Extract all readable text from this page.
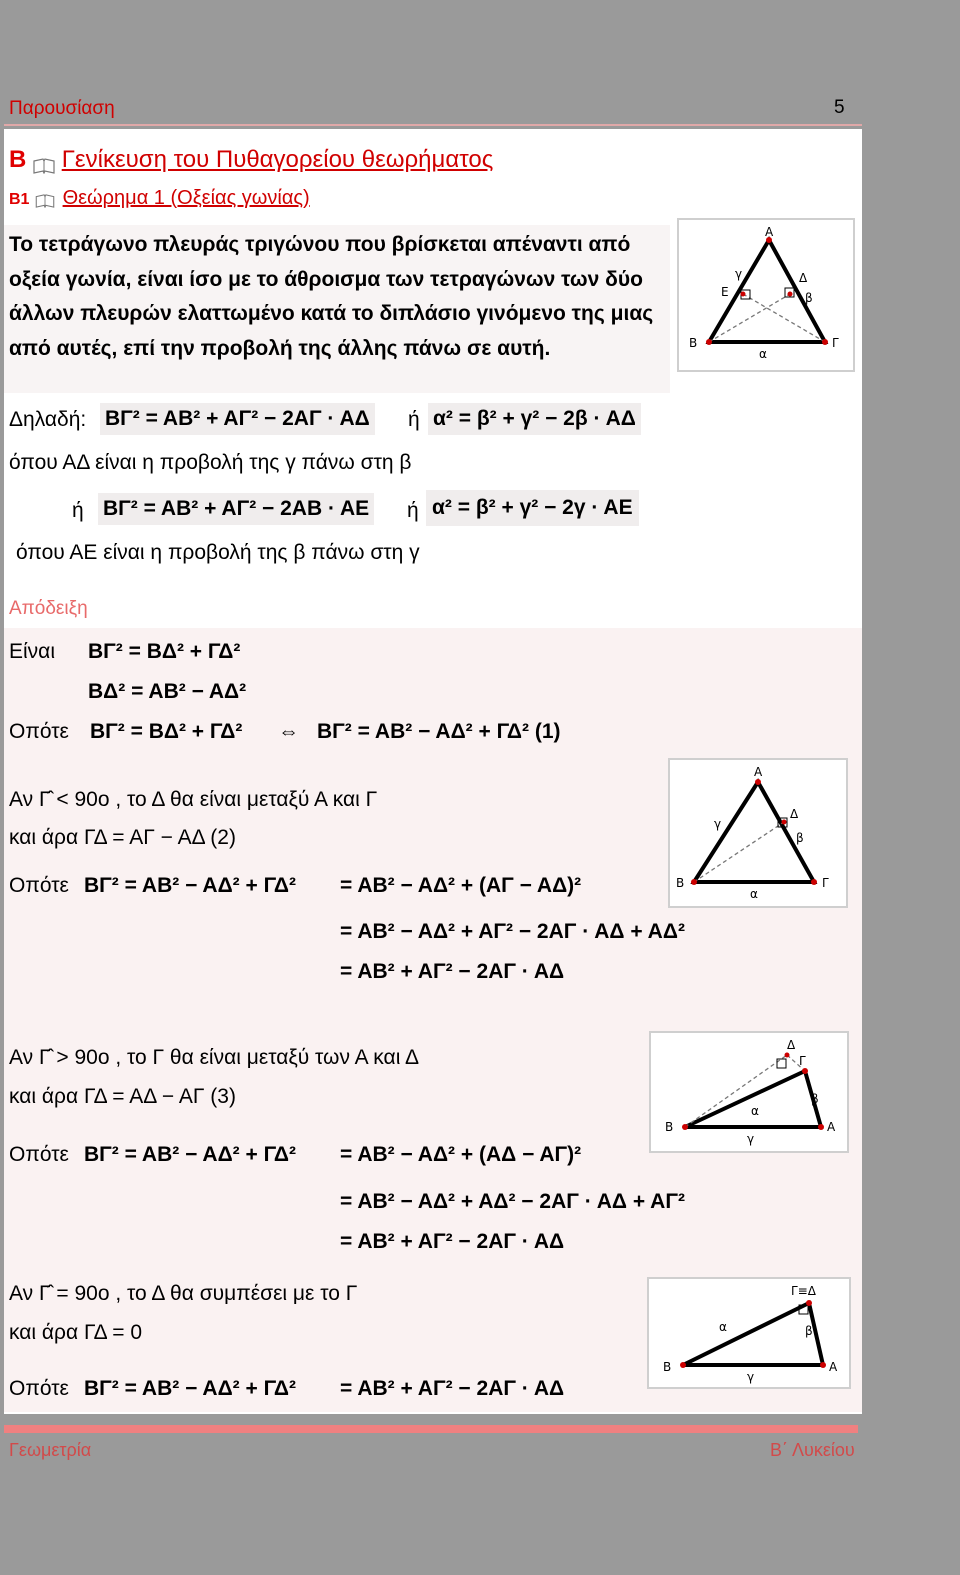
Παρουσίαση	5
Β Γενίκευση του Πυθαγορείου θεωρήματος
Β1 Θεώρημα 1 (Οξείας γωνίας)
Το τετράγωνο πλευράς τριγώνου που βρίσκεται απέναντι από οξεία γωνία, είναι ίσο με το άθροισμα των τετραγώνων των δύο άλλων πλευρών ελαττωμένο κατά το διπλάσιο γινόμενο της μιας από αυτές, επί την προβολή της άλλης πάνω σε αυτή.
Α
Β	Γ
Ε
Δ
γ
β
α
Δηλαδή: ΒΓ² = ΑΒ² + ΑΓ² − 2ΑΓ · ΑΔ ή α² = β² + γ² − 2β · ΑΔ
όπου ΑΔ είναι η προβολή της γ πάνω στη β
ή ΒΓ² = ΑΒ² + ΑΓ² − 2ΑΒ · ΑΕ ή α² = β² + γ² − 2γ · ΑΕ
όπου ΑΕ είναι η προβολή της β πάνω στη γ
Απόδειξη
Είναι ΒΓ² = ΒΔ² + ΓΔ²
ΒΔ² = ΑΒ² − ΑΔ²
Οπότε ΒΓ² = ΒΔ² + ΓΔ² ⇔ ΒΓ² = ΑΒ² − ΑΔ² + ΓΔ² (1)
Αν Γ̂ < 90ο , το Δ θα είναι μεταξύ Α και Γ
και άρα ΓΔ = ΑΓ − ΑΔ (2)
Οπότε ΒΓ² = ΑΒ² − ΑΔ² + ΓΔ² = ΑΒ² − ΑΔ² + (ΑΓ − ΑΔ)²
= ΑΒ² − ΑΔ² + ΑΓ² − 2ΑΓ · ΑΔ + ΑΔ²
= ΑΒ² + ΑΓ² − 2ΑΓ · ΑΔ
Α
Β	Γ
Δ
γ
β
α
Αν Γ̂ > 90ο , το Γ θα είναι μεταξύ των Α και Δ
και άρα ΓΔ = ΑΔ − ΑΓ (3)
Οπότε ΒΓ² = ΑΒ² − ΑΔ² + ΓΔ² = ΑΒ² − ΑΔ² + (ΑΔ − ΑΓ)²
= ΑΒ² − ΑΔ² + ΑΔ² − 2ΑΓ · ΑΔ + ΑΓ²
= ΑΒ² + ΑΓ² − 2ΑΓ · ΑΔ
Β	Α
Γ
Δ
α
β
γ
Αν Γ̂ = 90ο , το Δ θα συμπέσει με το Γ
και άρα ΓΔ = 0
Οπότε ΒΓ² = ΑΒ² − ΑΔ² + ΓΔ² = ΑΒ² + ΑΓ² − 2ΑΓ · ΑΔ
Β	Α
Γ≡Δ
α	β
γ
Γεωμετρία	Β΄ Λυκείου
